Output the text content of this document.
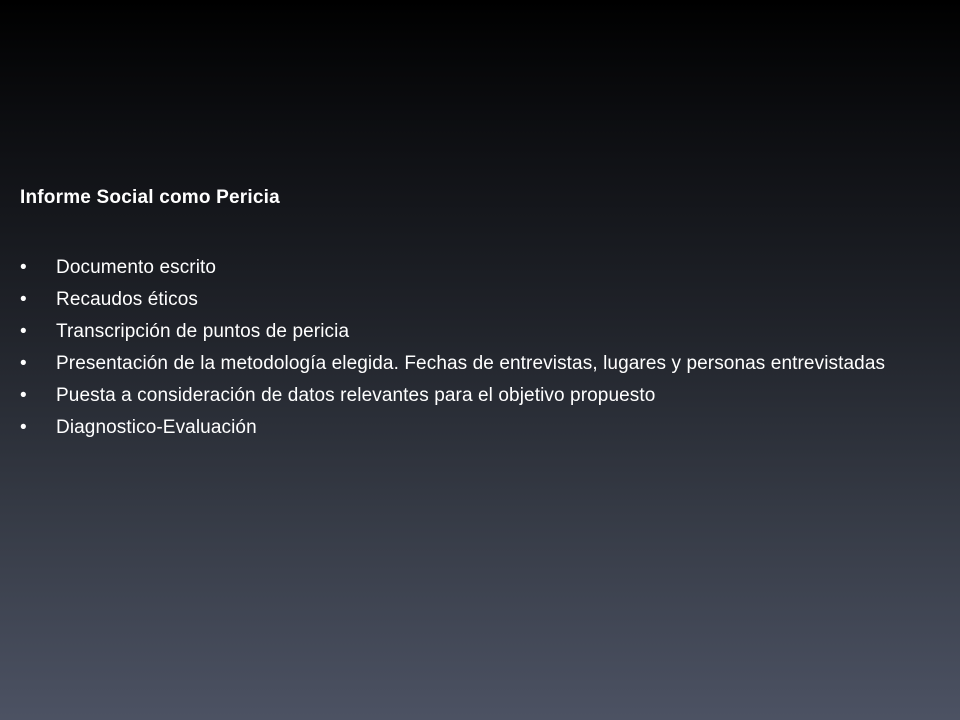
Informe Social como Pericia
•	Documento escrito
•	Recaudos éticos
•	Transcripción de puntos de pericia
•	Presentación de la metodología elegida. Fechas de entrevistas, lugares y personas entrevistadas
•	Puesta a consideración de datos relevantes para el objetivo propuesto
•	Diagnostico-Evaluación
